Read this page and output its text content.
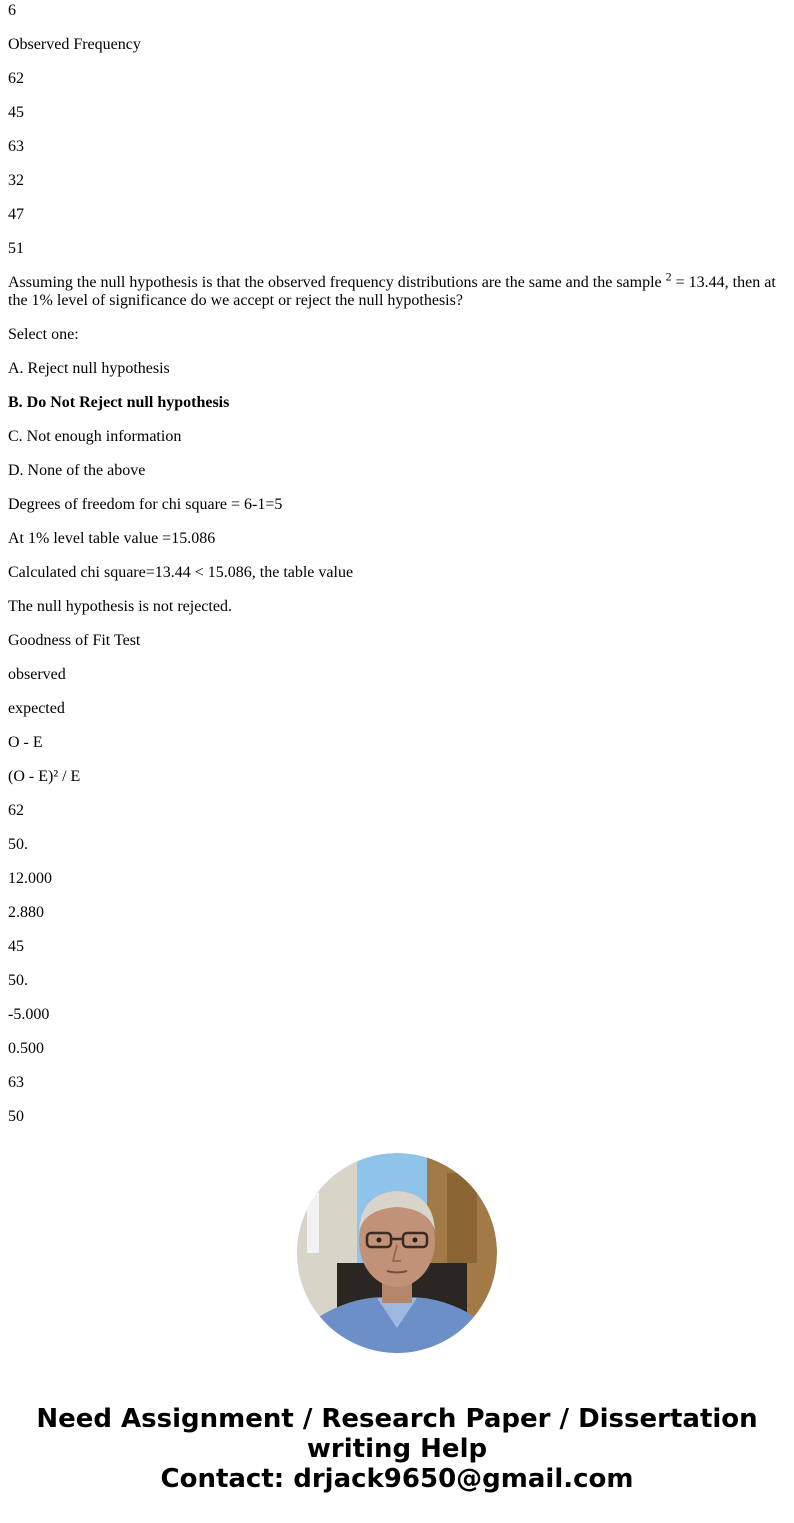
6

Observed Frequency

62

45

63

32

47

51

Assuming the null hypothesis is that the observed frequency distributions are the same and the sample $^2$ = 13.44, then at the 1% level of significance do we accept or reject the null hypothesis?

Select one:

A. Reject null hypothesis

B. Do Not Reject null hypothesis

C. Not enough information

D. None of the above

Degrees of freedom for chi square = 6-1=5

At 1% level table value =15.086

Calculated chi square=13.44 < 15.086, the table value

The null hypothesis is not rejected.

Goodness of Fit Test

observed

expected

O - E

(O - E)² / E

62

50.

12.000

2.880

45

50.

-5.000

0.500

63

50

Need Assignment / Research Paper / Dissertation
writing Help
Contact: drjack9650@gmail.com
